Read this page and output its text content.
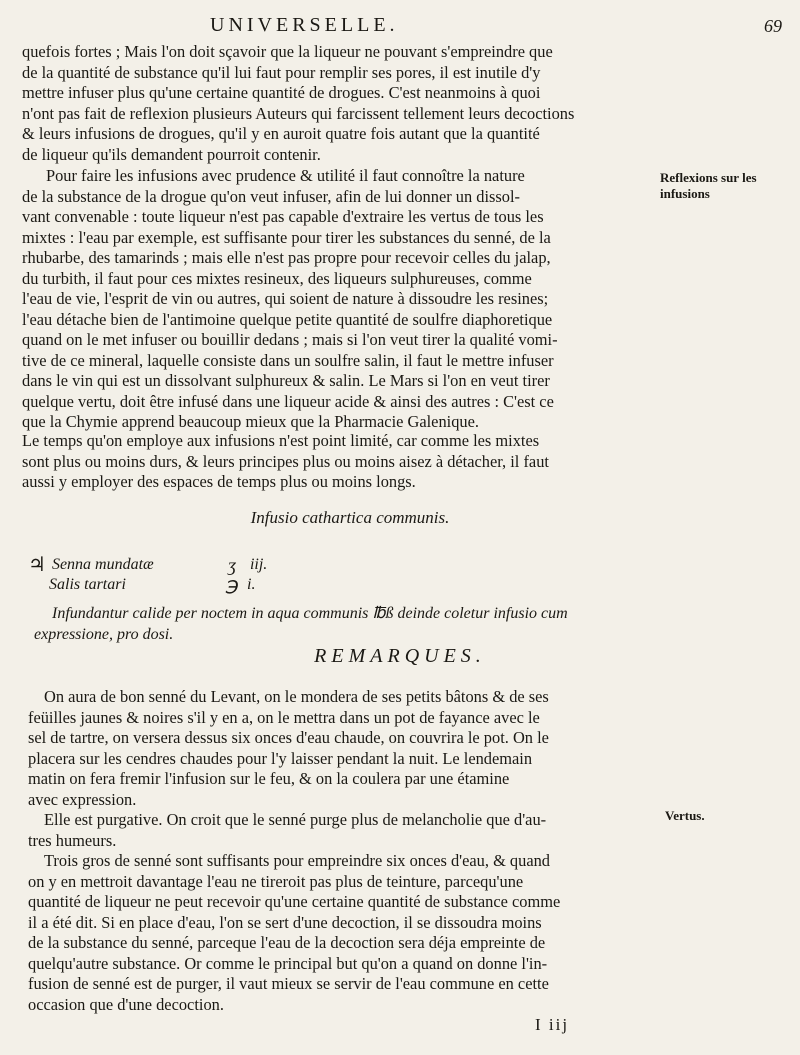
UNIVERSELLE.	69

quefois fortes ; Mais l'on doit sçavoir que la liqueur ne pouvant s'empreindre que
de la quantité de substance qu'il lui faut pour remplir ses pores, il est inutile d'y
mettre infuser plus qu'une certaine quantité de drogues. C'est neanmoins à quoi
n'ont pas fait de reflexion plusieurs Auteurs qui farcissent tellement leurs decoctions
& leurs infusions de drogues, qu'il y en auroit quatre fois autant que la quantité
de liqueur qu'ils demandent pourroit contenir.

Pour faire les infusions avec prudence & utilité il faut connoître la nature
de la substance de la drogue qu'on veut infuser, afin de lui donner un dissol-
vant convenable : toute liqueur n'est pas capable d'extraire les vertus de tous les
mixtes : l'eau par exemple, est suffisante pour tirer les substances du senné, de la
rhubarbe, des tamarinds ; mais elle n'est pas propre pour recevoir celles du jalap,
du turbith, il faut pour ces mixtes resineux, des liqueurs sulphureuses, comme
l'eau de vie, l'esprit de vin ou autres, qui soient de nature à dissoudre les resines;
l'eau détache bien de l'antimoine quelque petite quantité de soulfre diaphoretique
quand on le met infuser ou bouillir dedans ; mais si l'on veut tirer la qualité vomi-
tive de ce mineral, laquelle consiste dans un soulfre salin, il faut le mettre infuser
dans le vin qui est un dissolvant sulphureux & salin. Le Mars si l'on en veut tirer
quelque vertu, doit être infusé dans une liqueur acide & ainsi des autres : C'est ce
que la Chymie apprend beaucoup mieux que la Pharmacie Galenique.

Le temps qu'on employe aux infusions n'est point limité, car comme les mixtes
sont plus ou moins durs, & leurs principes plus ou moins aisez à détacher, il faut
aussi y employer des espaces de temps plus ou moins longs.

Infusio cathartica communis.
♃ Senna mundatæ	ʒ iij.
Salis tartari	℈ i.
Infundantur calide per noctem in aqua communis ℔ß deinde coletur infusio cum
expressione, pro dosi.
REMARQUES.

On aura de bon senné du Levant, on le mondera de ses petits bâtons & de ses
feüilles jaunes & noires s'il y en a, on le mettra dans un pot de fayance avec le
sel de tartre, on versera dessus six onces d'eau chaude, on couvrira le pot. On le
placera sur les cendres chaudes pour l'y laisser pendant la nuit. Le lendemain
matin on fera fremir l'infusion sur le feu, & on la coulera par une étamine
avec expression.

Elle est purgative. On croit que le senné purge plus de melancholie que d'au-
tres humeurs.

Trois gros de senné sont suffisants pour empreindre six onces d'eau, & quand
on y en mettroit davantage l'eau ne tireroit pas plus de teinture, parcequ'une
quantité de liqueur ne peut recevoir qu'une certaine quantité de substance comme
il a été dit. Si en place d'eau, l'on se sert d'une decoction, il se dissoudra moins
de la substance du senné, parceque l'eau de la decoction sera déja empreinte de
quelqu'autre substance. Or comme le principal but qu'on a quand on donne l'in-
fusion de senné est de purger, il vaut mieux se servir de l'eau commune en cette
occasion que d'une decoction.

Reflexions sur les infusions
Vertus.
I iij
